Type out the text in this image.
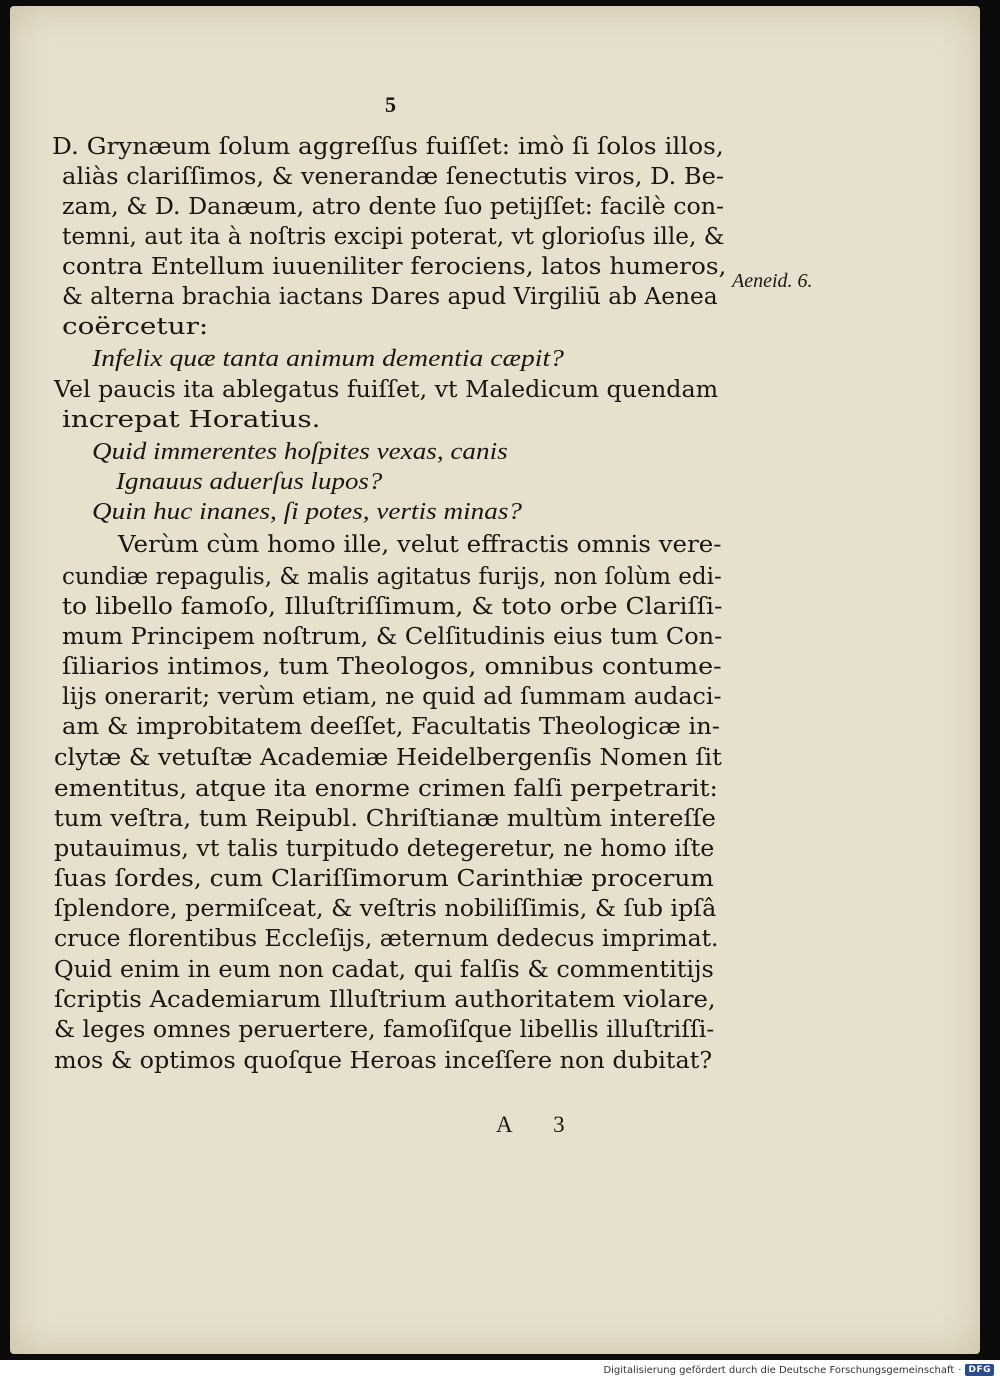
5
D. Grynæum ſolum aggreſſus fuiſſet: imò ſi ſolos illos,
aliàs clariſſimos, & venerandæ ſenectutis viros, D. Be-
zam, & D. Danæum, atro dente ſuo petijſſet: facilè con-
temni, aut ita à noſtris excipi poterat, vt glorioſus ille, &
contra Entellum iuueniliter ferociens, latos humeros,
& alterna brachia iactans Dares apud Virgiliū ab Aenea
coërcetur:
Infelix quæ tanta animum dementia cæpit?
Vel paucis ita ablegatus fuiſſet, vt Maledicum quendam
increpat Horatius.
Quid immerentes hoſpites vexas, canis
Ignauus aduerſus lupos?
Quin huc inanes, ſi potes, vertis minas?
Verùm cùm homo ille, velut effractis omnis vere-
cundiæ repagulis, & malis agitatus furijs, non ſolùm edi-
to libello famoſo, Illuſtriſſimum, & toto orbe Clariſſi-
mum Principem noſtrum, & Celſitudinis eius tum Con-
ſiliarios intimos, tum Theologos, omnibus contume-
lijs onerarit; verùm etiam, ne quid ad ſummam audaci-
am & improbitatem deeſſet, Facultatis Theologicæ in-
clytæ & vetuſtæ Academiæ Heidelbergenſis Nomen ſit
ementitus, atque ita enorme crimen falſi perpetrarit:
tum veſtra, tum Reipubl. Chriſtianæ multùm intereſſe
putauimus, vt talis turpitudo detegeretur, ne homo iſte
ſuas ſordes, cum Clariſſimorum Carinthiæ procerum
ſplendore, permiſceat, & veſtris nobiliſſimis, & ſub ipſâ
cruce florentibus Eccleſijs, æternum dedecus imprimat.
Quid enim in eum non cadat, qui falſis & commentitijs
ſcriptis Academiarum Illuſtrium authoritatem violare,
& leges omnes peruertere, famoſiſque libellis illuſtriſſi-
mos & optimos quoſque Heroas inceſſere non dubitat?
Aeneid. 6.
A 3
Digitalisierung gefördert durch die Deutsche Forschungsgemeinschaft · DFG
